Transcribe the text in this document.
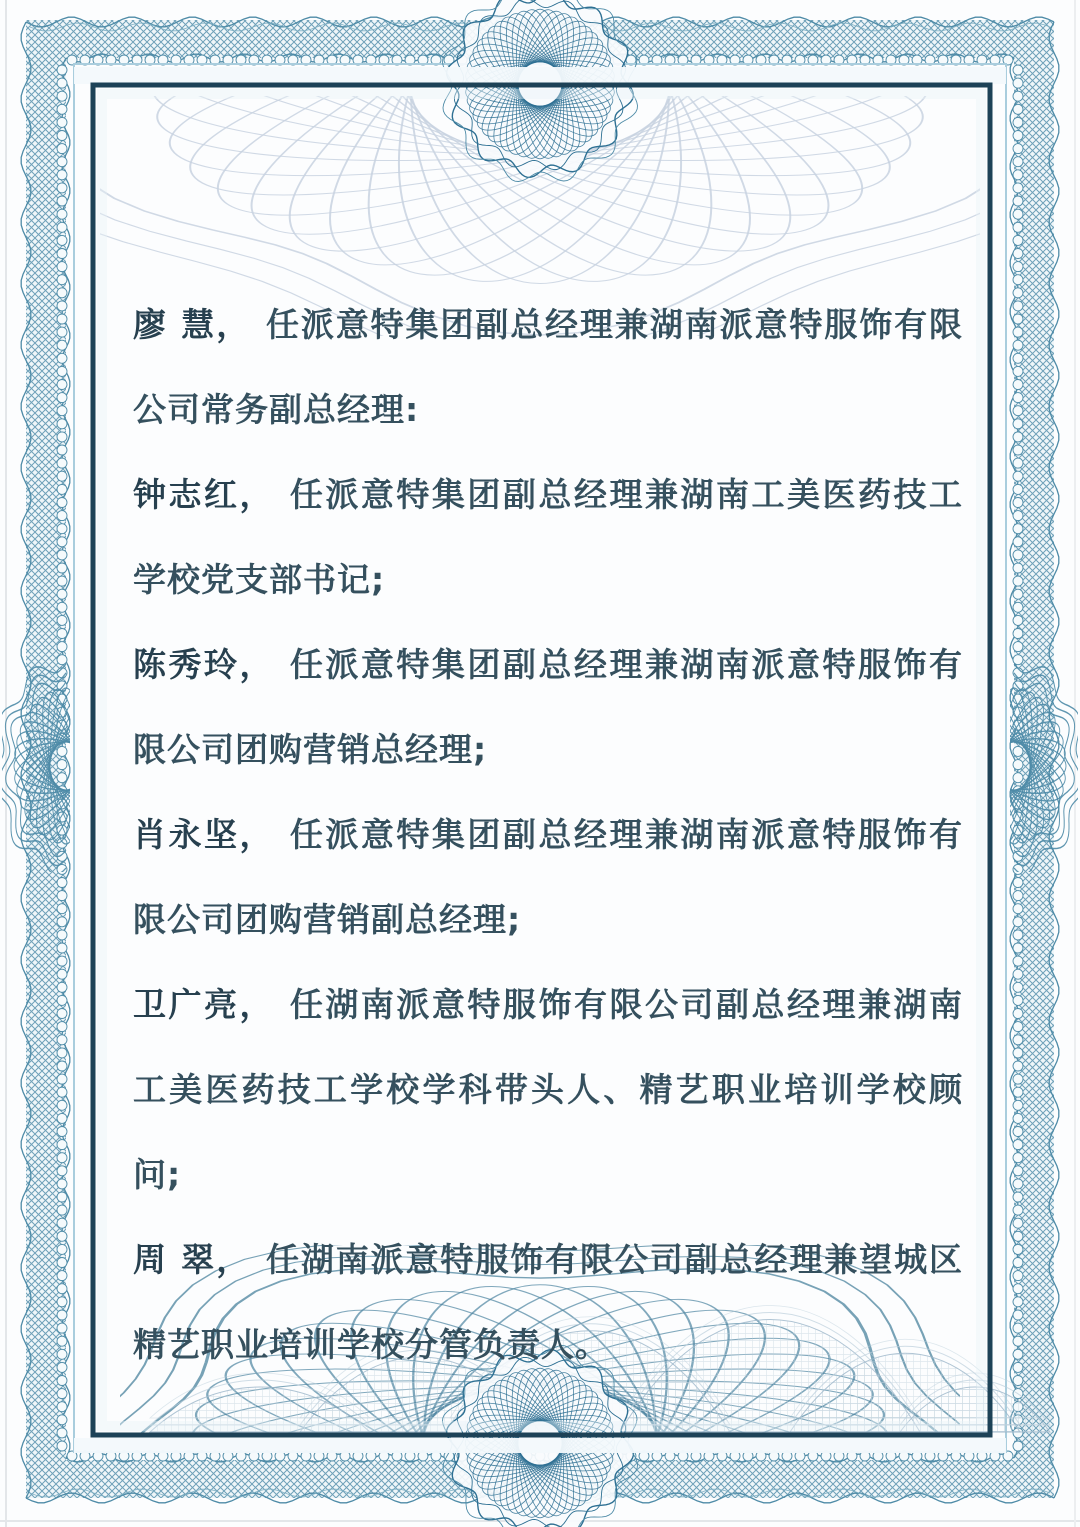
廖 慧， 任派意特集团副总经理兼湖南派意特服饰有限公司常务副总经理:

钟志红， 任派意特集团副总经理兼湖南工美医药技工学校党支部书记;

陈秀玲， 任派意特集团副总经理兼湖南派意特服饰有限公司团购营销总经理;

肖永坚， 任派意特集团副总经理兼湖南派意特服饰有限公司团购营销副总经理;

卫广亮， 任湖南派意特服饰有限公司副总经理兼湖南工美医药技工学校学科带头人、精艺职业培训学校顾问;

周 翠， 任湖南派意特服饰有限公司副总经理兼望城区精艺职业培训学校分管负责人。
